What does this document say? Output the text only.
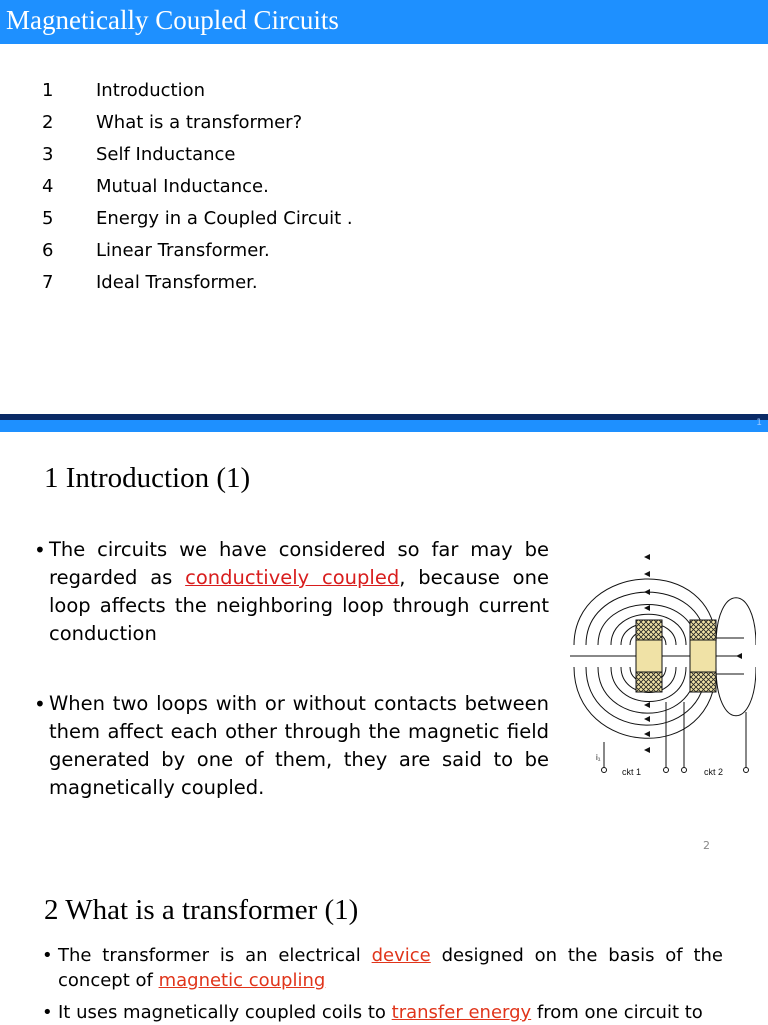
Magnetically Coupled Circuits
1	Introduction
2	What is a transformer?
3	Self Inductance
4	Mutual Inductance.
5	Energy in a Coupled Circuit .
6	Linear Transformer.
7	Ideal Transformer.
1
1 Introduction (1)
• The circuits we have considered so far may be regarded as conductively coupled, because one loop affects the neighboring loop through current conduction
• When two loops with or without contacts between them affect each other through the magnetic field generated by one of them, they are said to be magnetically coupled.
ckt 1	ckt 2
i₁
2
2 What is a transformer (1)
• The transformer is an electrical device designed on the basis of the concept of magnetic coupling
• It uses magnetically coupled coils to transfer energy from one circuit to
